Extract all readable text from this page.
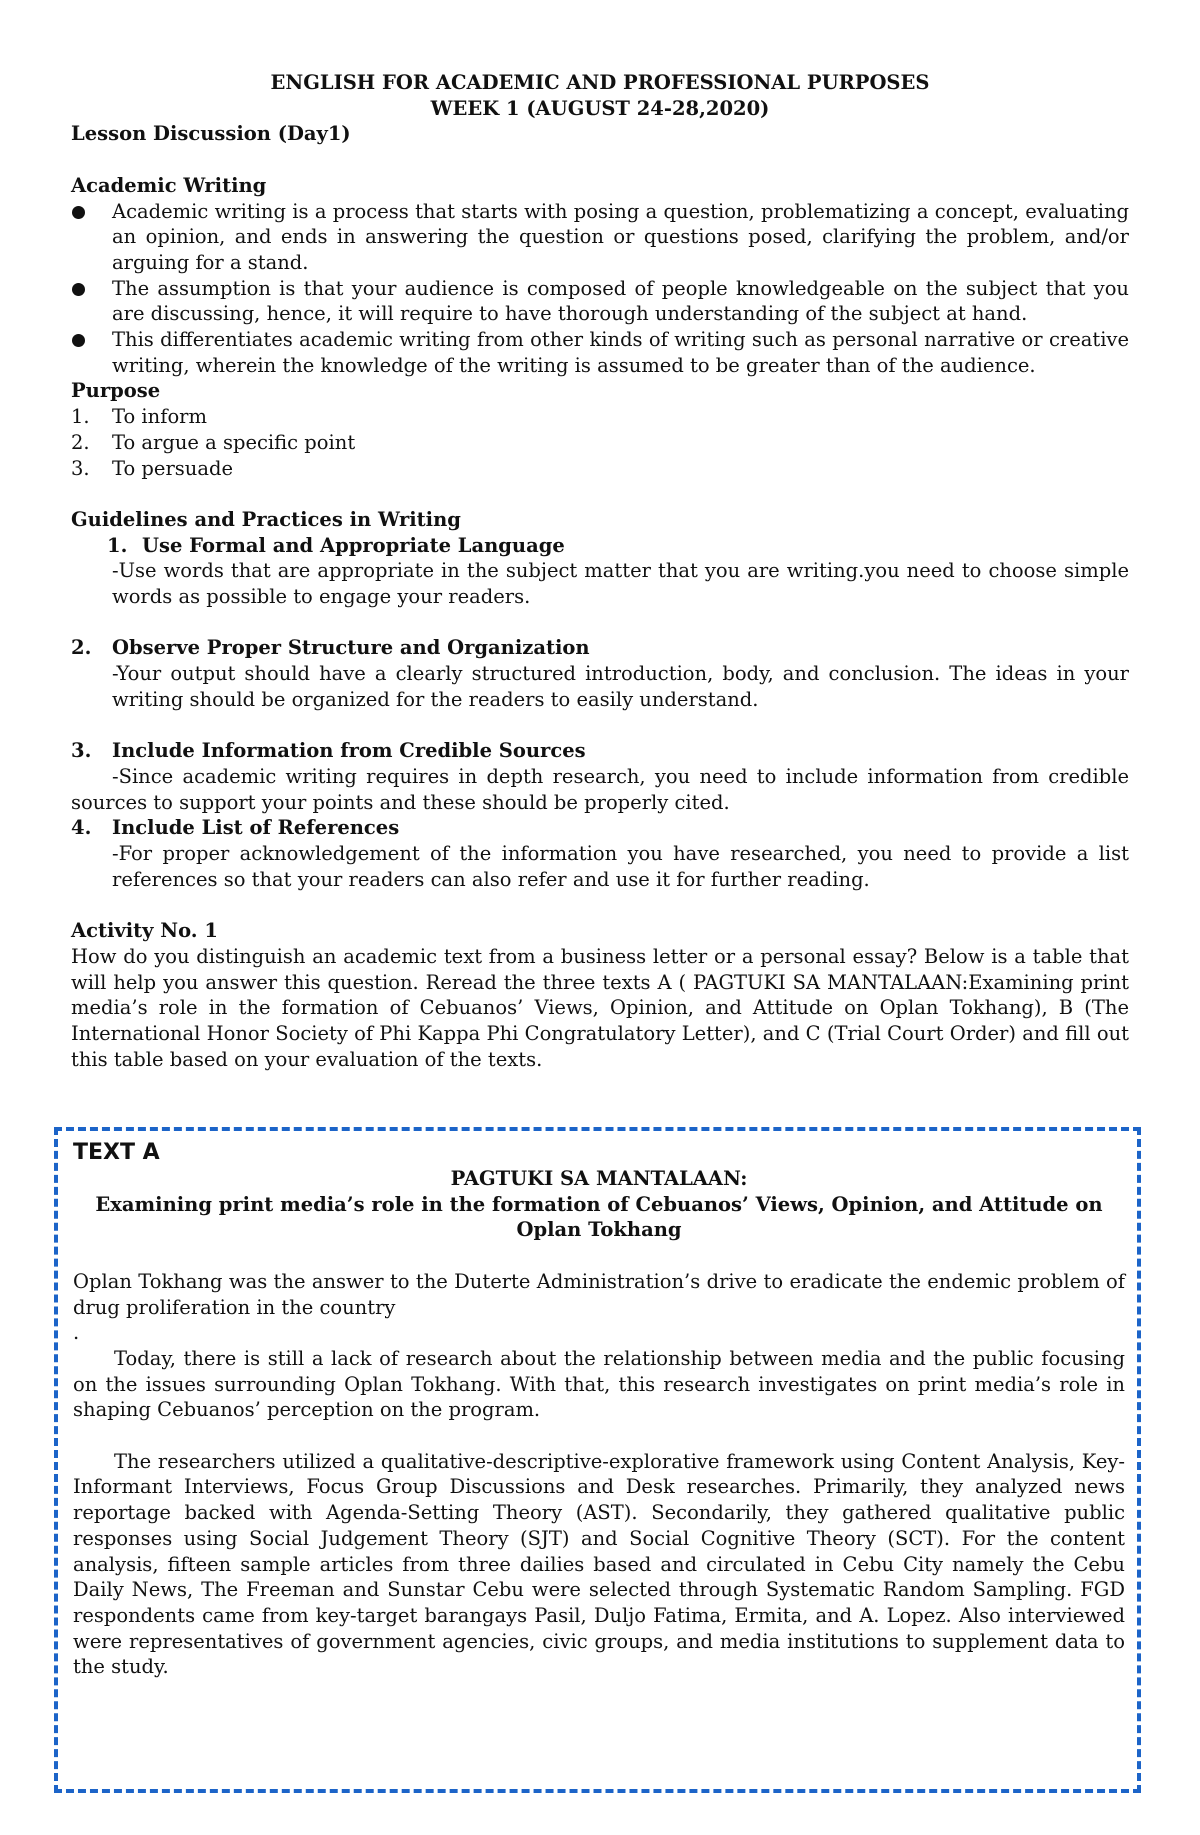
ENGLISH FOR ACADEMIC AND PROFESSIONAL PURPOSES

WEEK 1 (AUGUST 24-28,2020)

Lesson Discussion (Day1)

Academic Writing

Academic writing is a process that starts with posing a question, problematizing a concept, evaluating an opinion, and ends in answering the question or questions posed, clarifying the problem, and/or arguing for a stand.
The assumption is that your audience is composed of people knowledgeable on the subject that you are discussing, hence, it will require to have thorough understanding of the subject at hand.
This differentiates academic writing from other kinds of writing such as personal narrative or creative writing, wherein the knowledge of the writing is assumed to be greater than of the audience.

Purpose

1. To inform
2. To argue a specific point
3. To persuade

Guidelines and Practices in Writing

1. Use Formal and Appropriate Language

-Use words that are appropriate in the subject matter that you are writing.you need to choose simple words as possible to engage your readers.

2. Observe Proper Structure and Organization

-Your output should have a clearly structured introduction, body, and conclusion. The ideas in your writing should be organized for the readers to easily understand.

3. Include Information from Credible Sources

-Since academic writing requires in depth research, you need to include information from credible      sources to support your points and these should be properly cited.

4. Include List of References

-For proper acknowledgement of the information you have researched, you need to provide a list references so that your readers can also refer and use it for further reading.

Activity No. 1

How do you distinguish an academic text from a business letter or a personal essay? Below is a table that will help you answer this question. Reread the three texts A ( PAGTUKI SA MANTALAAN:Examining print media’s role in the formation of Cebuanos’ Views, Opinion, and Attitude on Oplan Tokhang), B (The International Honor Society of Phi Kappa Phi Congratulatory Letter), and C (Trial Court Order) and fill out this table based on your evaluation of the texts.

TEXT A

PAGTUKI SA MANTALAAN:

Examining print media’s role in the formation of Cebuanos’ Views, Opinion, and Attitude on Oplan Tokhang

Oplan Tokhang was the answer to the Duterte Administration’s drive to eradicate the endemic problem of drug proliferation in the country

.

Today, there is still a lack of research about the relationship between media and the public focusing on the issues surrounding Oplan Tokhang. With that, this research investigates on print media’s role in shaping Cebuanos’ perception on the program.

The researchers utilized a qualitative-descriptive-explorative framework using Content Analysis, Key-Informant Interviews, Focus Group Discussions and Desk researches. Primarily, they analyzed news reportage backed with Agenda-Setting Theory (AST). Secondarily, they gathered qualitative public responses using Social Judgement Theory (SJT) and Social Cognitive Theory (SCT). For the content analysis, fifteen sample articles from three dailies based and circulated in Cebu City namely the Cebu Daily News, The Freeman and Sunstar Cebu were selected through Systematic Random Sampling. FGD respondents came from key-target barangays Pasil, Duljo Fatima, Ermita, and A. Lopez. Also interviewed were representatives of government agencies, civic groups, and media institutions to supplement data to the study.
